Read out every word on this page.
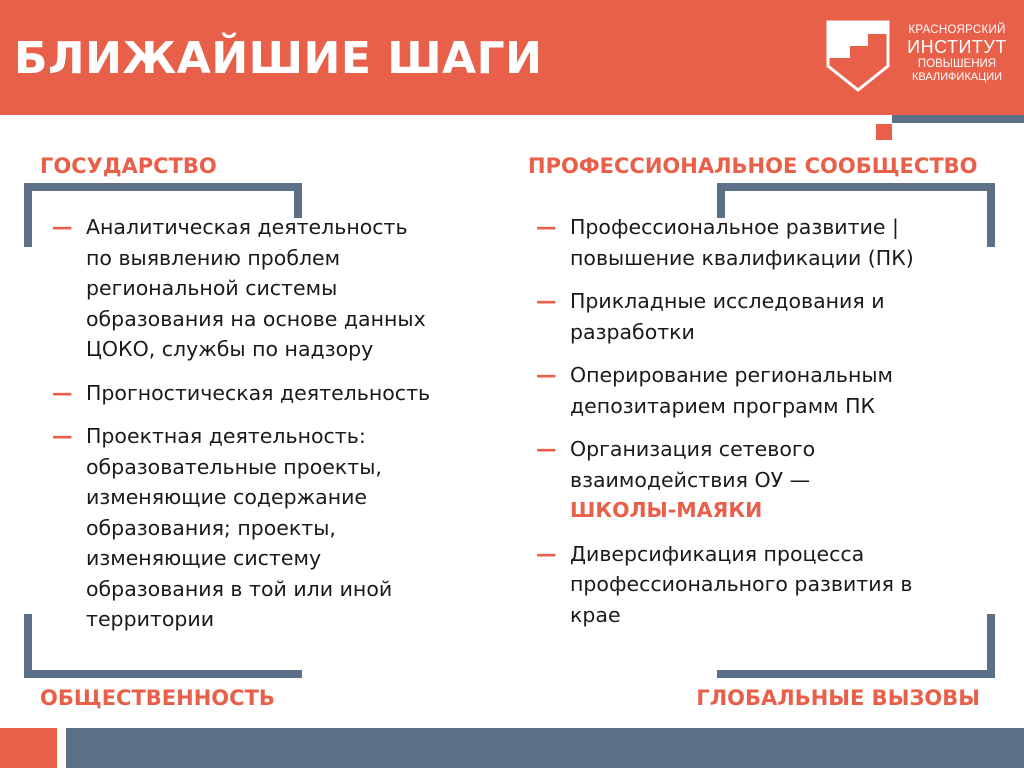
БЛИЖАЙШИЕ ШАГИ
КРАСНОЯРСКИЙ
ИНСТИТУТ
ПОВЫШЕНИЯ
КВАЛИФИКАЦИИ
ГОСУДАРСТВО
— Аналитическая деятельность
по выявлению проблем
региональной системы
образования на основе данных
ЦОКО, службы по надзору
— Прогностическая деятельность
— Проектная деятельность:
образовательные проекты,
изменяющие содержание
образования; проекты,
изменяющие систему
образования в той или иной
территории
ОБЩЕСТВЕННОСТЬ
ПРОФЕССИОНАЛЬНОЕ СООБЩЕСТВО
— Профессиональное развитие |
повышение квалификации (ПК)
— Прикладные исследования и
разработки
— Оперирование региональным
депозитарием программ ПК
— Организация сетевого
взаимодействия ОУ —
ШКОЛЫ-МАЯКИ
— Диверсификация процесса
профессионального развития в
крае
ГЛОБАЛЬНЫЕ ВЫЗОВЫ
